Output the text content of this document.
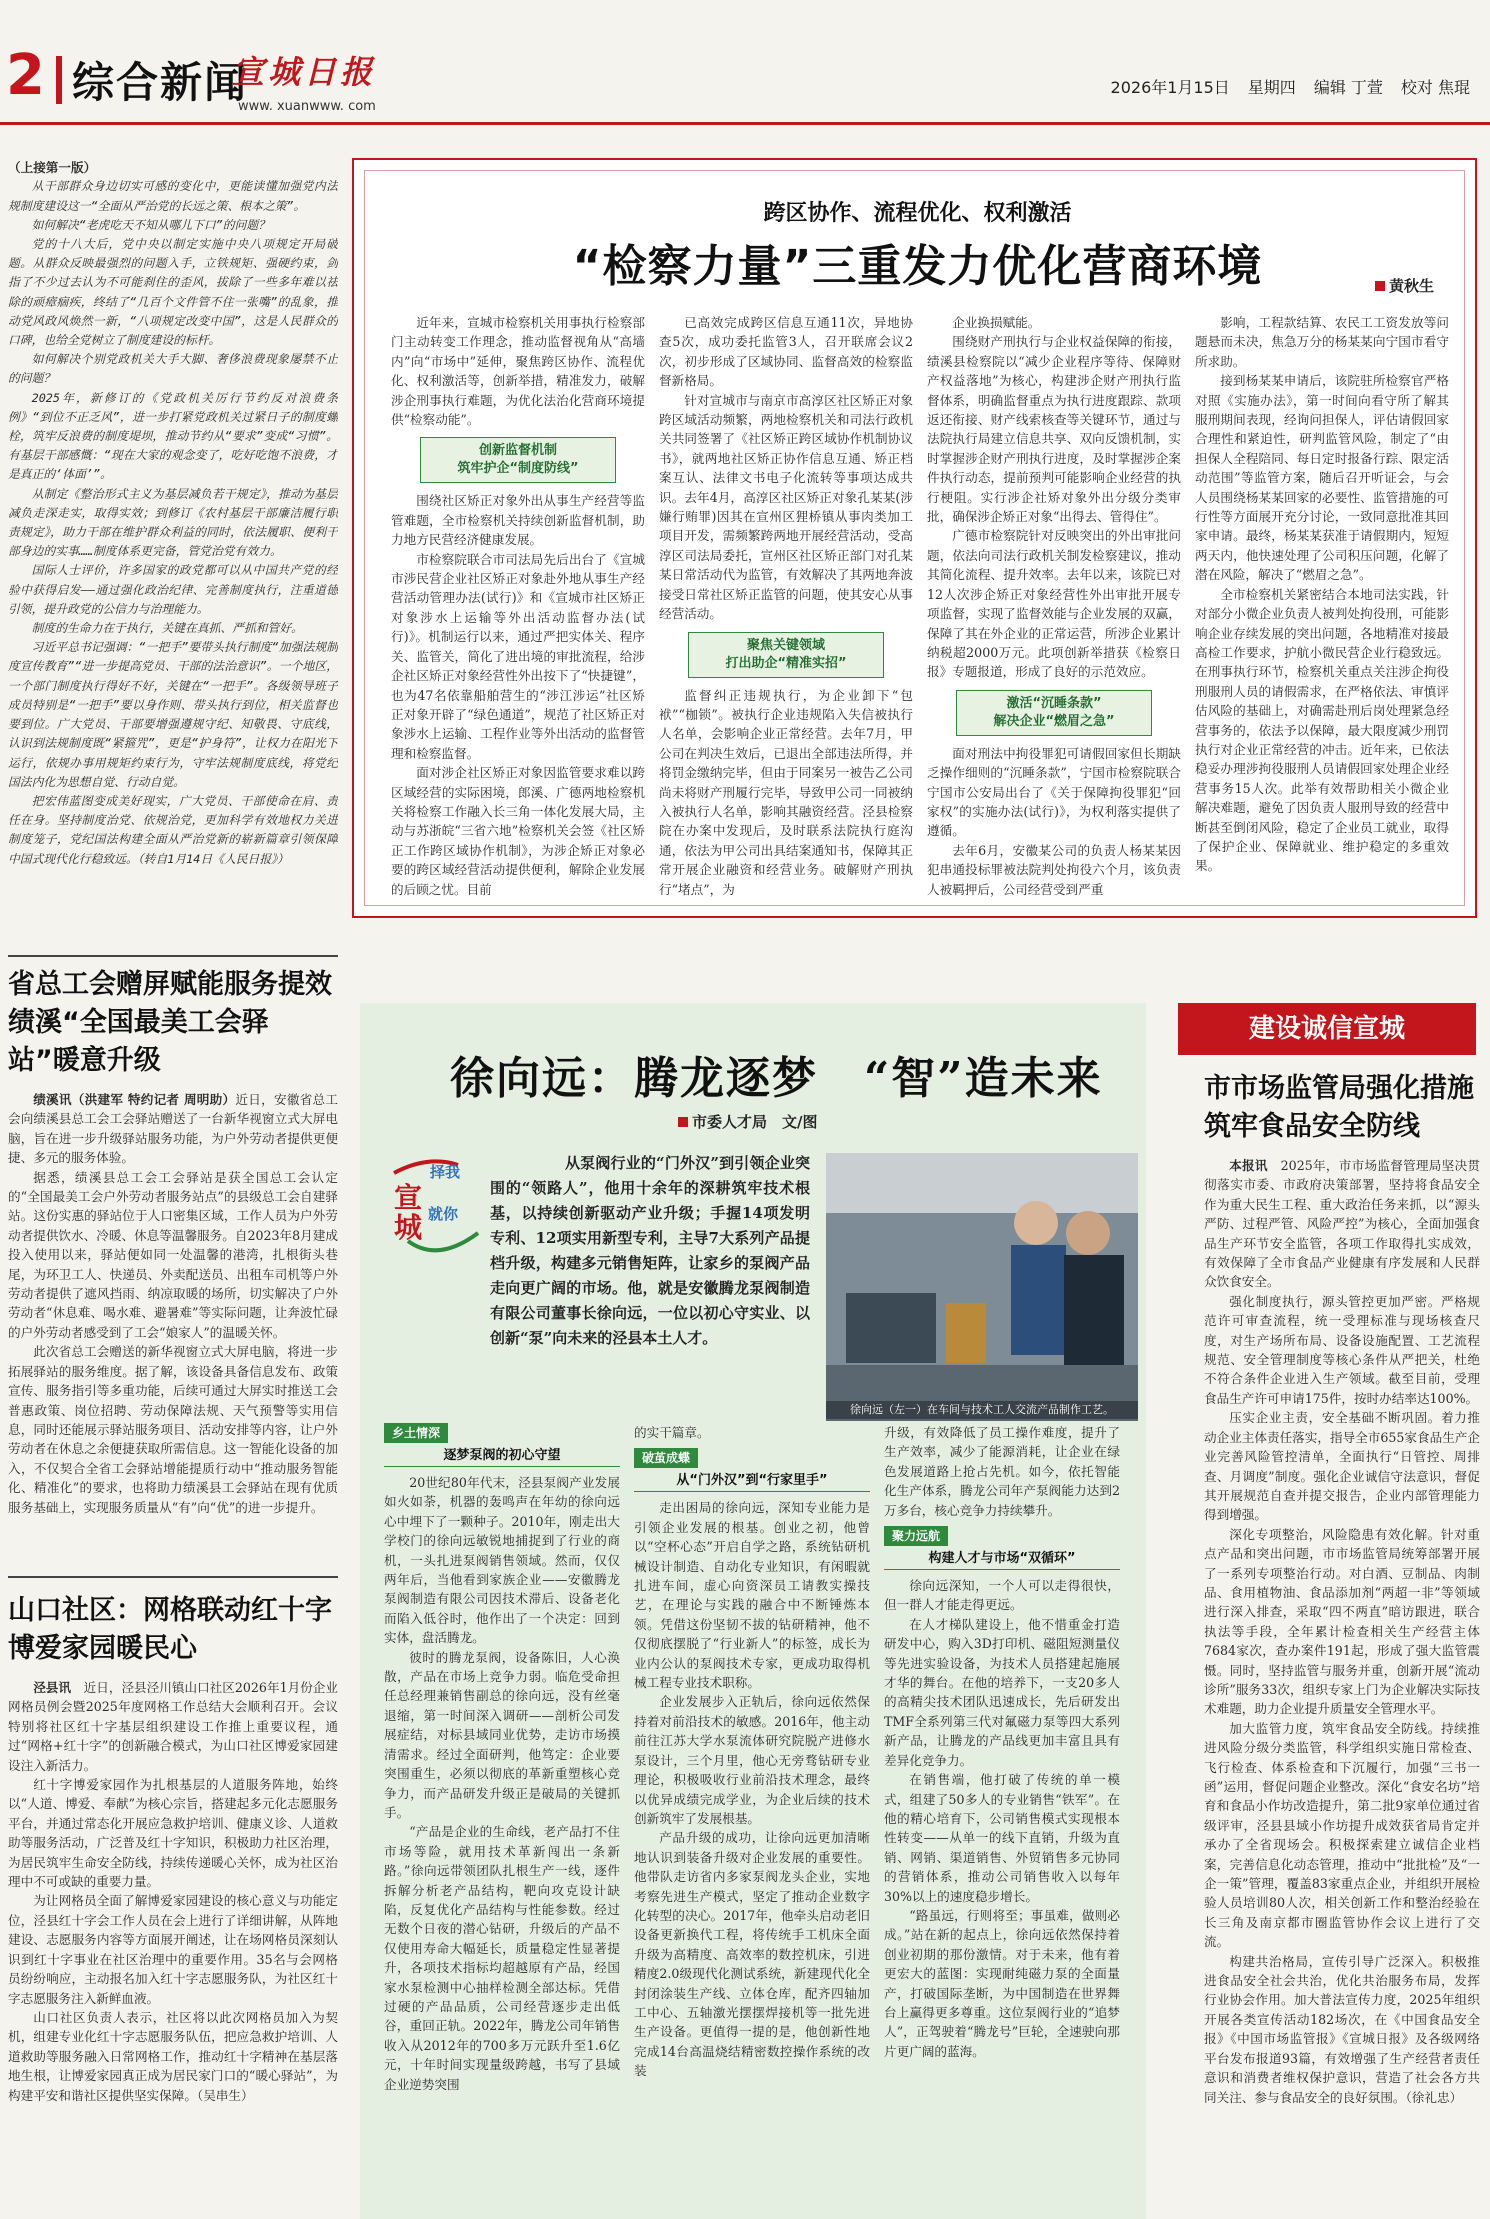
2 综合新闻
宣城日报
www. xuanwww. com
2026年1月15日 星期四 编辑 丁萱 校对 焦琨
（上接第一版）

从干部群众身边切实可感的变化中，更能读懂加强党内法规制度建设这一“全面从严治党的长远之策、根本之策”。

如何解决“老虎吃天不知从哪儿下口”的问题？

党的十八大后，党中央以制定实施中央八项规定开局破题。从群众反映最强烈的问题入手，立铁规矩、强硬约束，剑指了不少过去认为不可能刹住的歪风，拔除了一些多年难以祛除的顽瘴痼疾，终结了“几百个文件管不住一张嘴”的乱象，推动党风政风焕然一新，“八项规定改变中国”，这是人民群众的口碑，也给全党树立了制度建设的标杆。

如何解决个别党政机关大手大脚、奢侈浪费现象屡禁不止的问题？

2025年，新修订的《党政机关厉行节约反对浪费条例》“到位不正乏风”，进一步打紧党政机关过紧日子的制度螺栓，筑牢反浪费的制度堤坝，推动节约从“要求”变成“习惯”。有基层干部感慨：“现在大家的观念变了，吃好吃饱不浪费，才是真正的‘体面’”。

从制定《整治形式主义为基层减负若干规定》，推动为基层减负走深走实，取得实效；到修订《农村基层干部廉洁履行职责规定》，助力干部在维护群众利益的同时，依法履职、便利干部身边的实事……制度体系更完备，管党治党有效力。

国际人士评价，许多国家的政党都可以从中国共产党的经验中获得启发——通过强化政治纪律、完善制度执行，注重道德引领，提升政党的公信力与治理能力。

制度的生命力在于执行，关键在真抓、严抓和管好。

习近平总书记强调：“一把手”要带头执行制度“加强法规制度宣传教育”“进一步提高党员、干部的法治意识”。一个地区，一个部门制度执行得好不好，关键在“一把手”。各级领导班子成员特别是“一把手”要以身作则、带头执行到位，相关监督也要到位。广大党员、干部要增强遵规守纪、知敬畏、守底线，认识到法规制度既“紧箍咒”，更是“护身符”，让权力在阳光下运行，依规办事用规矩约束行为，守牢法规制度底线，将党纪国法内化为思想自觉、行动自觉。

把宏伟蓝图变成美好现实，广大党员、干部使命在肩、责任在身。坚持制度治党、依规治党，更加科学有效地权力关进制度笼子，党纪国法构建全面从严治党新的崭新篇章引领保障中国式现代化行稳致远。（转自1月14日《人民日报》）

省总工会赠屏赋能服务提效绩溪“全国最美工会驿站”暖意升级

绩溪讯（洪建军 特约记者 周明助）近日，安徽省总工会向绩溪县总工会工会驿站赠送了一台新华视窗立式大屏电脑，旨在进一步升级驿站服务功能，为户外劳动者提供更便捷、多元的服务体验。

据悉，绩溪县总工会工会驿站是获全国总工会认定的“全国最美工会户外劳动者服务站点”的县级总工会自建驿站。这份实惠的驿站位于人口密集区域，工作人员为户外劳动者提供饮水、冷暖、休息等温馨服务。自2023年8月建成投入使用以来，驿站便如同一处温馨的港湾，扎根街头巷尾，为环卫工人、快递员、外卖配送员、出租车司机等户外劳动者提供了遮风挡雨、纳凉取暖的场所，切实解决了户外劳动者“休息难、喝水难、避暑难”等实际问题，让奔波忙碌的户外劳动者感受到了工会“娘家人”的温暖关怀。

此次省总工会赠送的新华视窗立式大屏电脑，将进一步拓展驿站的服务维度。据了解，该设备具备信息发布、政策宣传、服务指引等多重功能，后续可通过大屏实时推送工会普惠政策、岗位招聘、劳动保障法规、天气预警等实用信息，同时还能展示驿站服务项目、活动安排等内容，让户外劳动者在休息之余便捷获取所需信息。这一智能化设备的加入，不仅契合全省工会驿站增能提质行动中“推动服务智能化、精准化”的要求，也将助力绩溪县工会驿站在现有优质服务基础上，实现服务质量从“有”向“优”的进一步提升。

山口社区：网格联动红十字博爱家园暖民心

泾县讯　 近日，泾县泾川镇山口社区2026年1月份企业网格员例会暨2025年度网格工作总结大会顺利召开。会议特别将社区红十字基层组织建设工作推上重要议程，通过“网格+红十字”的创新融合模式，为山口社区博爱家园建设注入新活力。

红十字博爱家园作为扎根基层的人道服务阵地，始终以“人道、博爱、奉献”为核心宗旨，搭建起多元化志愿服务平台，并通过常态化开展应急救护培训、健康义诊、人道救助等服务活动，广泛普及红十字知识，积极助力社区治理，为居民筑牢生命安全防线，持续传递暖心关怀，成为社区治理中不可或缺的重要力量。

为让网格员全面了解博爱家园建设的核心意义与功能定位，泾县红十字会工作人员在会上进行了详细讲解，从阵地建设、志愿服务内容等方面展开阐述，让在场网格员深刻认识到红十字事业在社区治理中的重要作用。35名与会网格员纷纷响应，主动报名加入红十字志愿服务队，为社区红十字志愿服务注入新鲜血液。

山口社区负责人表示，社区将以此次网格员加入为契机，组建专业化红十字志愿服务队伍，把应急救护培训、人道救助等服务融入日常网格工作，推动红十字精神在基层落地生根，让博爱家园真正成为居民家门口的“暖心驿站”，为构建平安和谐社区提供坚实保障。（吴串生）

跨区协作、流程优化、权利激活
“检察力量”三重发力优化营商环境	黄秋生

近年来，宣城市检察机关用事执行检察部门主动转变工作理念，推动监督视角从“高墙内”向“市场中”延伸，聚焦跨区协作、流程优化、权利激活等，创新举措，精准发力，破解涉企刑事执行难题，为优化法治化营商环境提供“检察动能”。

创新监督机制
筑牢护企“制度防线”

围绕社区矫正对象外出从事生产经营等监管难题，全市检察机关持续创新监督机制，助力地方民营经济健康发展。

市检察院联合市司法局先后出台了《宣城市涉民营企业社区矫正对象赴外地从事生产经营活动管理办法(试行)》和《宣城市社区矫正对象涉水上运输等外出活动监督办法(试行)》。机制运行以来，通过严把实体关、程序关、监管关，简化了进出境的审批流程，给涉企社区矫正对象经营性外出按下了“快捷键”，也为47名依靠船舶营生的“涉江涉运”社区矫正对象开辟了“绿色通道”，规范了社区矫正对象涉水上运输、工程作业等外出活动的监督管理和检察监督。

面对涉企社区矫正对象因监管要求难以跨区域经营的实际困境，郎溪、广德两地检察机关将检察工作融入长三角一体化发展大局，主动与苏浙皖“三省六地”检察机关会签《社区矫正工作跨区域协作机制》，为涉企矫正对象必要的跨区域经营活动提供便利，解除企业发展的后顾之忧。目前

已高效完成跨区信息互通11次，异地协查5次，成功委托监管3人，召开联席会议2次，初步形成了区域协同、监督高效的检察监督新格局。

针对宣城市与南京市高淳区社区矫正对象跨区域活动频繁，两地检察机关和司法行政机关共同签署了《社区矫正跨区域协作机制协议书》，就两地社区矫正协作信息互通、矫正档案互认、法律文书电子化流转等事项达成共识。去年4月，高淳区社区矫正对象孔某某(涉嫌行贿罪)因其在宣州区狸桥镇从事肉类加工项目开发，需频繁跨两地开展经营活动，受高淳区司法局委托，宣州区社区矫正部门对孔某某日常活动代为监管，有效解决了其两地奔波接受日常社区矫正监管的问题，使其安心从事经营活动。

聚焦关键领域
打出助企“精准实招”

监督纠正违规执行，为企业卸下“包袱”“枷锁”。被执行企业违规陷入失信被执行人名单，会影响企业正常经营。去年7月，甲公司在判决生效后，已退出全部违法所得，并将罚金缴纳完毕，但由于同案另一被告乙公司尚未将财产刑履行完毕，导致甲公司一同被纳入被执行人名单，影响其融资经营。泾县检察院在办案中发现后，及时联系法院执行庭沟通，依法为甲公司出具结案通知书，保障其正常开展企业融资和经营业务。破解财产刑执行“堵点”，为

企业换损赋能。

围绕财产刑执行与企业权益保障的衔接，绩溪县检察院以“减少企业程序等待、保障财产权益落地”为核心，构建涉企财产刑执行监督体系，明确监督重点为执行进度跟踪、款项返还衔接、财产线索核查等关键环节，通过与法院执行局建立信息共享、双向反馈机制，实时掌握涉企财产刑执行进度，及时掌握涉企案件执行动态，提前预判可能影响企业经营的执行梗阻。实行涉企社矫对象外出分级分类审批，确保涉企矫正对象“出得去、管得住”。

广德市检察院针对反映突出的外出审批问题，依法向司法行政机关制发检察建议，推动其简化流程、提升效率。去年以来，该院已对12人次涉企矫正对象经营性外出审批开展专项监督，实现了监督效能与企业发展的双赢，保障了其在外企业的正常运营，所涉企业累计纳税超2000万元。此项创新举措获《检察日报》专题报道，形成了良好的示范效应。

激活“沉睡条款”
解决企业“燃眉之急”

面对刑法中拘役罪犯可请假回家但长期缺乏操作细则的“沉睡条款”，宁国市检察院联合宁国市公安局出台了《关于保障拘役罪犯“回家权”的实施办法(试行)》，为权利落实提供了遵循。

去年6月，安徽某公司的负责人杨某某因犯串通投标罪被法院判处拘役六个月，该负责人被羁押后，公司经营受到严重

影响，工程款结算、农民工工资发放等问题悬而未决，焦急万分的杨某某向宁国市看守所求助。

接到杨某某申请后，该院驻所检察官严格对照《实施办法》，第一时间向看守所了解其服刑期间表现，经询问担保人，评估请假回家合理性和紧迫性，研判监管风险，制定了“由担保人全程陪同、每日定时报备行踪、限定活动范围”等监管方案，随后召开听证会，与会人员围绕杨某某回家的必要性、监管措施的可行性等方面展开充分讨论，一致同意批准其回家申请。最终，杨某某获准于请假期内，短短两天内，他快速处理了公司积压问题，化解了潜在风险，解决了“燃眉之急”。

全市检察机关紧密结合本地司法实践，针对部分小微企业负责人被判处拘役刑，可能影响企业存续发展的突出问题，各地精准对接最高检工作要求，护航小微民营企业行稳致远。在刑事执行环节，检察机关重点关注涉企拘役刑服刑人员的请假需求，在严格依法、审慎评估风险的基础上，对确需赴刑后岗处理紧急经营事务的，依法予以保障，最大限度减少刑罚执行对企业正常经营的冲击。近年来，已依法稳妥办理涉拘役服刑人员请假回家处理企业经营事务15人次。此举有效帮助相关小微企业解决难题，避免了因负责人服刑导致的经营中断甚至倒闭风险，稳定了企业员工就业，取得了保护企业、保障就业、维护稳定的多重效果。

徐向远：腾龙逐梦　“智”造未来
市委人才局　文/图
择我
宣城 就你

从泵阀行业的“门外汉”到引领企业突围的“领路人”，他用十余年的深耕筑牢技术根基，以持续创新驱动产业升级；手握14项发明专利、12项实用新型专利，主导7大系列产品提档升级，构建多元销售矩阵，让家乡的泵阀产品走向更广阔的市场。他，就是安徽腾龙泵阀制造有限公司董事长徐向远，一位以初心守实业、以创新“泵”向未来的泾县本土人才。

徐向远（左一）在车间与技术工人交流产品制作工艺。
乡土情深
逐梦泵阀的初心守望

20世纪80年代末，泾县泵阀产业发展如火如荼，机器的轰鸣声在年幼的徐向远心中埋下了一颗种子。2010年，刚走出大学校门的徐向远敏锐地捕捉到了行业的商机，一头扎进泵阀销售领域。然而，仅仅两年后，当他看到家族企业——安徽腾龙泵阀制造有限公司因技术滞后、设备老化而陷入低谷时，他作出了一个决定：回到实体，盘活腾龙。

彼时的腾龙泵阀，设备陈旧，人心涣散，产品在市场上竞争力弱。临危受命担任总经理兼销售副总的徐向远，没有丝毫退缩，第一时间深入调研——剖析公司发展症结，对标县域同业优势，走访市场摸清需求。经过全面研判，他笃定：企业要突围重生，必须以彻底的革新重塑核心竞争力，而产品研发升级正是破局的关键抓手。

“产品是企业的生命线，老产品打不住市场等险，就用技术革新闯出一条新路。”徐向远带领团队扎根生产一线，逐件拆解分析老产品结构，靶向攻克设计缺陷，反复优化产品结构与性能参数。经过无数个日夜的潜心钻研，升级后的产品不仅使用寿命大幅延长，质量稳定性显著提升，各项技术指标均超越原有产品，经国家水泵检测中心抽样检测全部达标。凭借过硬的产品品质，公司经营逐步走出低谷，重回正轨。2022年，腾龙公司年销售收入从2012年的700多万元跃升至1.6亿元，十年时间实现量级跨越，书写了县域企业逆势突围

的实干篇章。

破茧成蝶
从“门外汉”到“行家里手”

走出困局的徐向远，深知专业能力是引领企业发展的根基。创业之初，他曾以“空杯心态”开启自学之路，系统钻研机械设计制造、自动化专业知识，有闲暇就扎进车间，虚心向资深员工请教实操技艺，在理论与实践的融合中不断锤炼本领。凭借这份坚韧不拔的钻研精神，他不仅彻底摆脱了“行业新人”的标签，成长为业内公认的泵阀技术专家，更成功取得机械工程专业技术职称。

企业发展步入正轨后，徐向远依然保持着对前沿技术的敏感。2016年，他主动前往江苏大学水泵流体研究院脱产进修水泵设计，三个月里，他心无旁骛钻研专业理论，积极吸收行业前沿技术理念，最终以优异成绩完成学业，为企业后续的技术创新筑牢了发展根基。

产品升级的成功，让徐向远更加清晰地认识到装备升级对企业发展的重要性。他带队走访省内多家泵阀龙头企业，实地考察先进生产模式，坚定了推动企业数字化转型的决心。2017年，他牵头启动老旧设备更新换代工程，将传统手工机床全面升级为高精度、高效率的数控机床，引进精度2.0级现代化测试系统，新建现代化全封闭涂装生产线、立体仓库，配齐四轴加工中心、五轴激光摆摆焊接机等一批先进生产设备。更值得一提的是，他创新性地完成14台高温烧结精密数控操作系统的改装

升级，有效降低了员工操作难度，提升了生产效率，减少了能源消耗，让企业在绿色发展道路上抢占先机。如今，依托智能化生产体系，腾龙公司年产泵阀能力达到2万多台，核心竞争力持续攀升。

聚力远航
构建人才与市场“双循环”

徐向远深知，一个人可以走得很快，但一群人才能走得更远。

在人才梯队建设上，他不惜重金打造研发中心，购入3D打印机、磁阻短测量仪等先进实验设备，为技术人员搭建起施展才华的舞台。在他的培养下，一支20多人的高精尖技术团队迅速成长，先后研发出TMF全系列第三代对氟磁力泵等四大系列新产品，让腾龙的产品线更加丰富且具有差异化竞争力。

在销售端，他打破了传统的单一模式，组建了50多人的专业销售“铁军”。在他的精心培育下，公司销售模式实现根本性转变——从单一的线下直销，升级为直销、网销、渠道销售、外贸销售多元协同的营销体系，推动公司销售收入以每年30%以上的速度稳步增长。

“路虽远，行则将至；事虽难，做则必成。”站在新的起点上，徐向远依然保持着创业初期的那份激情。对于未来，他有着更宏大的蓝图：实现耐纯磁力泵的全面量产，打破国际垄断，为中国制造在世界舞台上赢得更多尊重。这位泵阀行业的“追梦人”，正驾驶着“腾龙号”巨轮，全速驶向那片更广阔的蓝海。

建设诚信宣城
市市场监管局强化措施筑牢食品安全防线

本报讯　 2025年，市市场监督管理局坚决贯彻落实市委、市政府决策部署，坚持将食品安全作为重大民生工程、重大政治任务来抓，以“源头严防、过程严管、风险严控”为核心，全面加强食品生产环节安全监管，各项工作取得扎实成效，有效保障了全市食品产业健康有序发展和人民群众饮食安全。

强化制度执行，源头管控更加严密。严格规范许可审查流程，统一受理标准与现场核查尺度，对生产场所布局、设备设施配置、工艺流程规范、安全管理制度等核心条件从严把关，杜绝不符合条件企业进入生产领域。截至目前，受理食品生产许可申请175件，按时办结率达100%。

压实企业主责，安全基础不断巩固。着力推动企业主体责任落实，指导全市655家食品生产企业完善风险管控清单，全面执行“日管控、周排查、月调度”制度。强化企业诚信守法意识，督促其开展规范自查并提交报告，企业内部管理能力得到增强。

深化专项整治，风险隐患有效化解。针对重点产品和突出问题，市市场监管局统筹部署开展了一系列专项整治行动。对白酒、豆制品、肉制品、食用植物油、食品添加剂“两超一非”等领域进行深入排查，采取“四不两直”暗访跟进，联合执法等手段，全年累计检查相关生产经营主体7684家次，查办案件191起，形成了强大监管震慑。同时，坚持监管与服务并重，创新开展“流动诊所”服务33次，组织专家上门为企业解决实际技术难题，助力企业提升质量安全管理水平。

加大监管力度，筑牢食品安全防线。持续推进风险分级分类监管，科学组织实施日常检查、飞行检查、体系检查和下沉履行，加强“三书一函”运用，督促问题企业整改。深化“食安名坊”培育和食品小作坊改造提升，第二批9家单位通过省级评审，泾县县域小作坊提升成效获省局肯定并承办了全省现场会。积极探索建立诚信企业档案，完善信息化动态管理，推动中“批批检”及“一企一策”管理，覆盖83家重点企业，并组织开展检验人员培训80人次，相关创新工作和整治经验在长三角及南京都市圈监管协作会议上进行了交流。

构建共治格局，宣传引导广泛深入。积极推进食品安全社会共治，优化共治服务布局，发挥行业协会作用。加大普法宣传力度，2025年组织开展各类宣传活动182场次，在《中国食品安全报》《中国市场监管报》《宣城日报》及各级网络平台发布报道93篇，有效增强了生产经营者责任意识和消费者维权保护意识，营造了社会各方共同关注、参与食品安全的良好氛围。（徐礼忠）
